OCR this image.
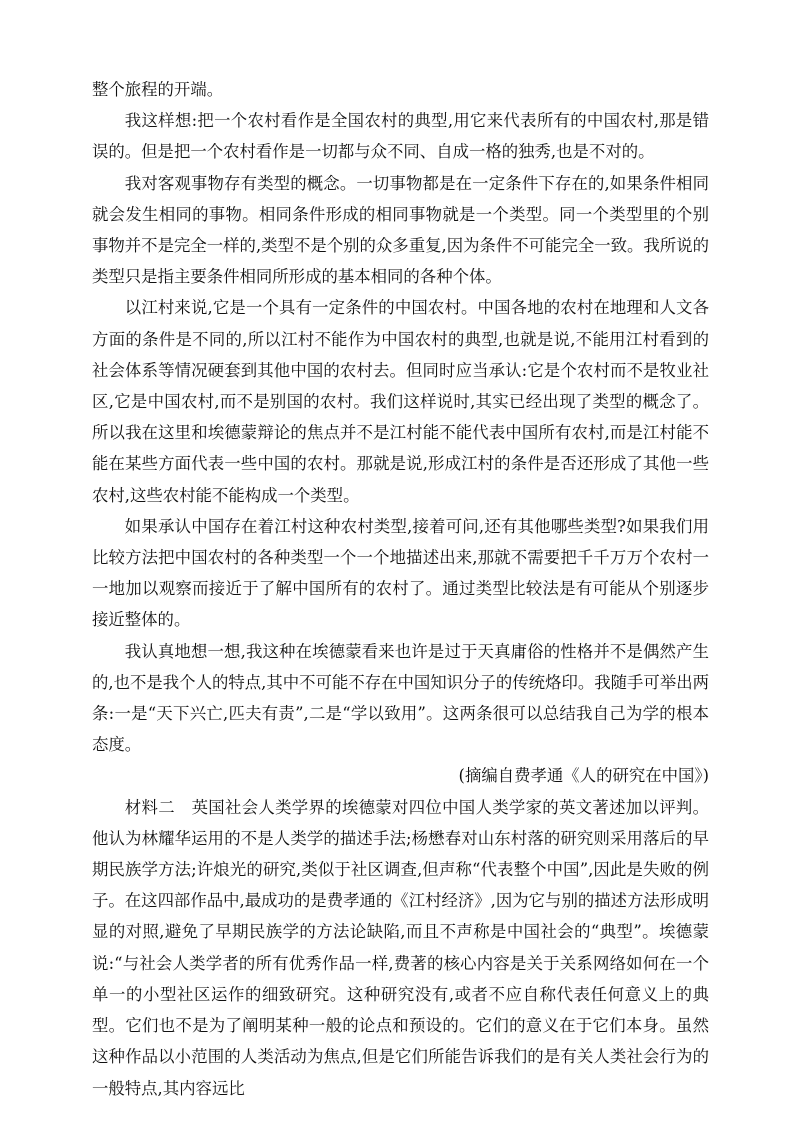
整个旅程的开端。

我这样想:把一个农村看作是全国农村的典型,用它来代表所有的中国农村,那是错误的。但是把一个农村看作是一切都与众不同、自成一格的独秀,也是不对的。

我对客观事物存有类型的概念。一切事物都是在一定条件下存在的,如果条件相同就会发生相同的事物。相同条件形成的相同事物就是一个类型。同一个类型里的个别事物并不是完全一样的,类型不是个别的众多重复,因为条件不可能完全一致。我所说的类型只是指主要条件相同所形成的基本相同的各种个体。

以江村来说,它是一个具有一定条件的中国农村。中国各地的农村在地理和人文各方面的条件是不同的,所以江村不能作为中国农村的典型,也就是说,不能用江村看到的社会体系等情况硬套到其他中国的农村去。但同时应当承认:它是个农村而不是牧业社区,它是中国农村,而不是别国的农村。我们这样说时,其实已经出现了类型的概念了。所以我在这里和埃德蒙辩论的焦点并不是江村能不能代表中国所有农村,而是江村能不能在某些方面代表一些中国的农村。那就是说,形成江村的条件是否还形成了其他一些农村,这些农村能不能构成一个类型。

如果承认中国存在着江村这种农村类型,接着可问,还有其他哪些类型?如果我们用比较方法把中国农村的各种类型一个一个地描述出来,那就不需要把千千万万个农村一一地加以观察而接近于了解中国所有的农村了。通过类型比较法是有可能从个别逐步接近整体的。

我认真地想一想,我这种在埃德蒙看来也许是过于天真庸俗的性格并不是偶然产生的,也不是我个人的特点,其中不可能不存在中国知识分子的传统烙印。我随手可举出两条:一是“天下兴亡,匹夫有责”,二是“学以致用”。这两条很可以总结我自己为学的根本态度。

(摘编自费孝通《人的研究在中国》)

材料二　英国社会人类学界的埃德蒙对四位中国人类学家的英文著述加以评判。他认为林耀华运用的不是人类学的描述手法;杨懋春对山东村落的研究则采用落后的早期民族学方法;许烺光的研究,类似于社区调查,但声称“代表整个中国”,因此是失败的例子。在这四部作品中,最成功的是费孝通的《江村经济》,因为它与别的描述方法形成明显的对照,避免了早期民族学的方法论缺陷,而且不声称是中国社会的“典型”。埃德蒙说:“与社会人类学者的所有优秀作品一样,费著的核心内容是关于关系网络如何在一个单一的小型社区运作的细致研究。这种研究没有,或者不应自称代表任何意义上的典型。它们也不是为了阐明某种一般的论点和预设的。它们的意义在于它们本身。虽然这种作品以小范围的人类活动为焦点,但是它们所能告诉我们的是有关人类社会行为的一般特点,其内容远比
